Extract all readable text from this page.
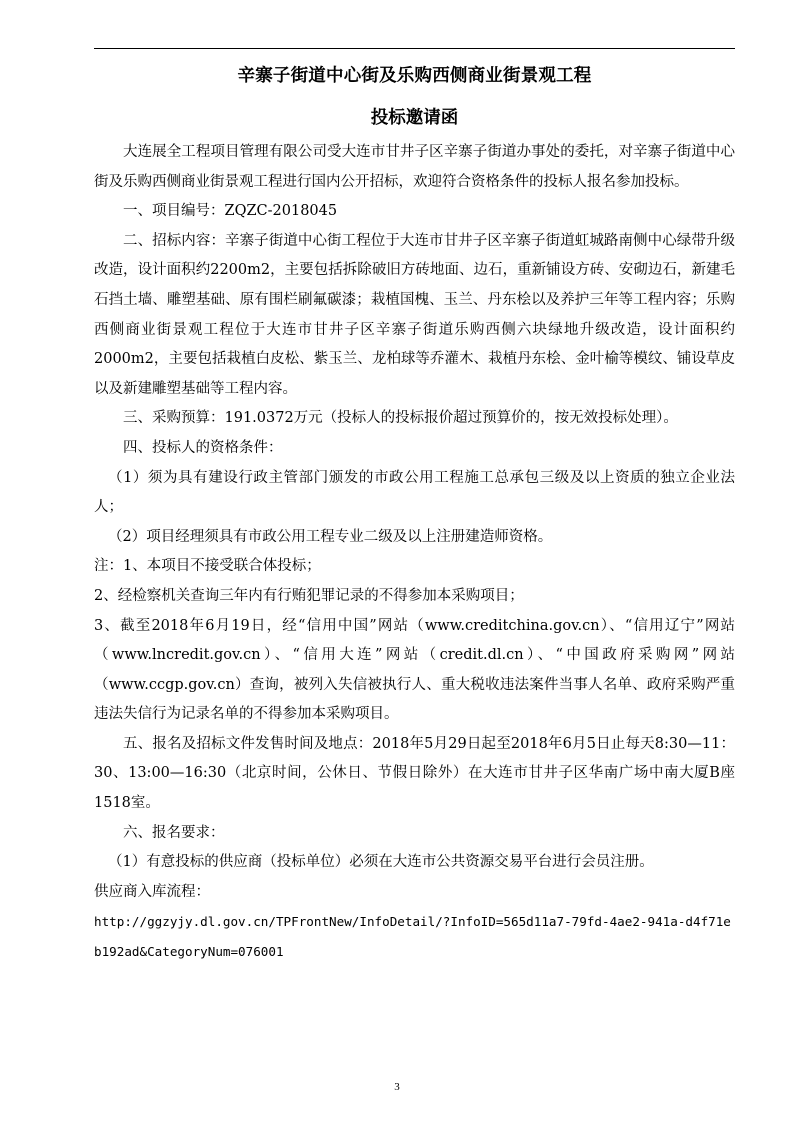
辛寨子街道中心街及乐购西侧商业街景观工程
投标邀请函

大连展全工程项目管理有限公司受大连市甘井子区辛寨子街道办事处的委托，对辛寨子街道中心街及乐购西侧商业街景观工程进行国内公开招标，欢迎符合资格条件的投标人报名参加投标。

一、项目编号：ZQZC-2018045

二、招标内容：辛寨子街道中心街工程位于大连市甘井子区辛寨子街道虹城路南侧中心绿带升级改造，设计面积约2200m2，主要包括拆除破旧方砖地面、边石，重新铺设方砖、安砌边石，新建毛石挡土墙、雕塑基础、原有围栏刷氟碳漆；栽植国槐、玉兰、丹东桧以及养护三年等工程内容；乐购西侧商业街景观工程位于大连市甘井子区辛寨子街道乐购西侧六块绿地升级改造，设计面积约2000m2，主要包括栽植白皮松、紫玉兰、龙柏球等乔灌木、栽植丹东桧、金叶榆等模纹、铺设草皮以及新建雕塑基础等工程内容。

三、采购预算：191.0372万元（投标人的投标报价超过预算价的，按无效投标处理）。

四、投标人的资格条件：

（1）须为具有建设行政主管部门颁发的市政公用工程施工总承包三级及以上资质的独立企业法人；

（2）项目经理须具有市政公用工程专业二级及以上注册建造师资格。

注：1、本项目不接受联合体投标；

2、经检察机关查询三年内有行贿犯罪记录的不得参加本采购项目；

3、截至2018年6月19日，经“信用中国”网站（www.creditchina.gov.cn）、“信用辽宁”网站（www.lncredit.gov.cn）、“信用大连”网站（credit.dl.cn）、“中国政府采购网”网站（www.ccgp.gov.cn）查询，被列入失信被执行人、重大税收违法案件当事人名单、政府采购严重违法失信行为记录名单的不得参加本采购项目。

五、报名及招标文件发售时间及地点：2018年5月29日起至2018年6月5日止每天8:30—11：30、13:00—16:30（北京时间，公休日、节假日除外）在大连市甘井子区华南广场中南大厦B座1518室。

六、报名要求：

（1）有意投标的供应商（投标单位）必须在大连市公共资源交易平台进行会员注册。

供应商入库流程：

http://ggzyjy.dl.gov.cn/TPFrontNew/InfoDetail/?InfoID=565d11a7-79fd-4ae2-941a-d4f71eb192ad&CategoryNum=076001

3
